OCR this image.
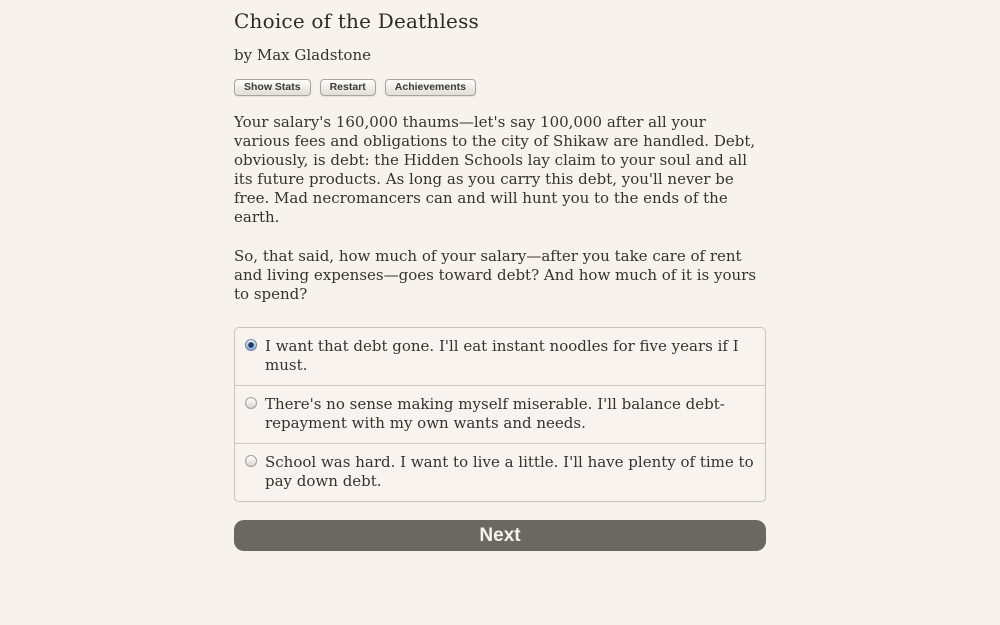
Choice of the Deathless
by Max Gladstone
Show Stats	Restart	Achievements

Your salary's 160,000 thaums—let's say 100,000 after all your various fees and obligations to the city of Shikaw are handled. Debt, obviously, is debt: the Hidden Schools lay claim to your soul and all its future products. As long as you carry this debt, you'll never be free. Mad necromancers can and will hunt you to the ends of the earth.

So, that said, how much of your salary—after you take care of rent and living expenses—goes toward debt? And how much of it is yours to spend?

I want that debt gone. I'll eat instant noodles for five years if I must.
There's no sense making myself miserable. I'll balance debt-repayment with my own wants and needs.
School was hard. I want to live a little. I'll have plenty of time to pay down debt.
Next
